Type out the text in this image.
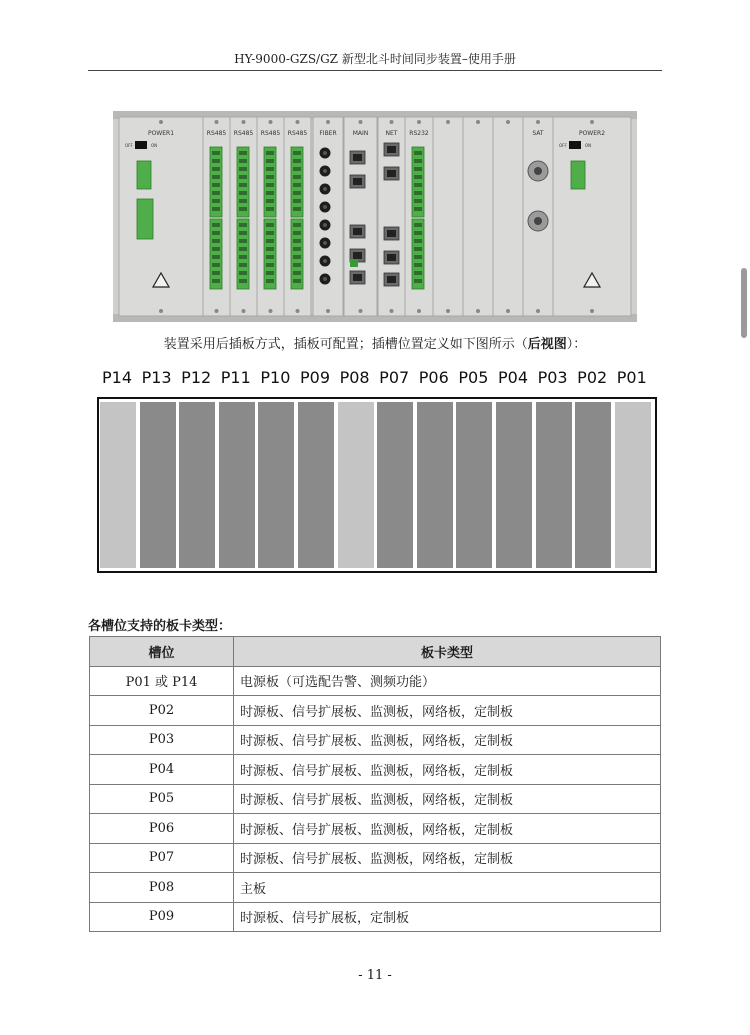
HY-9000-GZS/GZ 新型北斗时间同步装置–使用手册
POWER1
OFF	ON
RS485 RS485 RS485 RS485 FIBER	MAIN	NET RS232	SAT	POWER2
OFF	ON
装置采用后插板方式，插板可配置；插槽位置定义如下图所示（后视图）：
P14 P13 P12 P11 P10 P09 P08 P07 P06 P05 P04 P03 P02 P01
各槽位支持的板卡类型：
槽位	板卡类型
P01 或 P14	电源板（可选配告警、测频功能）
P02	时源板、信号扩展板、监测板，网络板，定制板
P03	时源板、信号扩展板、监测板，网络板，定制板
P04	时源板、信号扩展板、监测板，网络板，定制板
P05	时源板、信号扩展板、监测板，网络板，定制板
P06	时源板、信号扩展板、监测板，网络板，定制板
P07	时源板、信号扩展板、监测板，网络板，定制板
P08	主板
P09	时源板、信号扩展板，定制板
- 11 -
